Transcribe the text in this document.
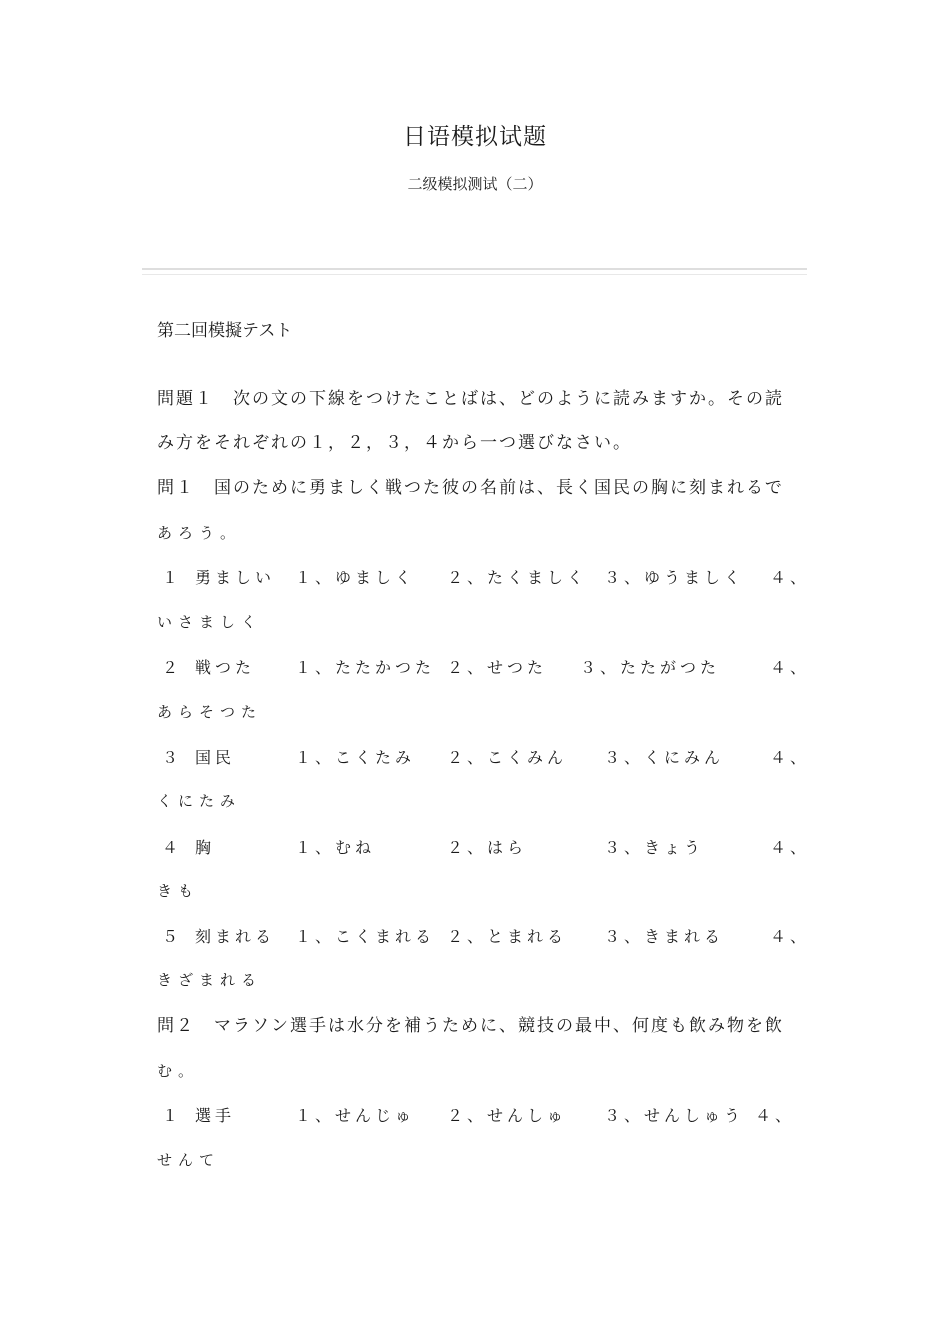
日语模拟试题
二级模拟测试（二）
第二回模擬テスト
問題１　次の文の下線をつけたことばは、どのように読みますか。その読
み方をそれぞれの１，２，３，４から一つ選びなさい。
問１　国のために勇ましく戦つた彼の名前は、長く国民の胸に刻まれるで
あろう。
１ 勇ましい １、ゆましく ２、たくましく ３、ゆうましく ４、
いさましく
２ 戦つた １、たたかつた ２、せつた ３、たたがつた	４、
あらそつた
３ 国民	１、こくたみ ２、こくみん ３、くにみん	４、
くにたみ
４ 胸	１、むね	２、はら	３、きょう	４、
きも
５ 刻まれる １、こくまれる ２、とまれる ３、きまれる	４、
きざまれる
問２　マラソン選手は水分を補うために、競技の最中、何度も飲み物を飲
む。
１ 選手	１、せんじゅ ２、せんしゅ ３、せんしゅう ４、
せんて
